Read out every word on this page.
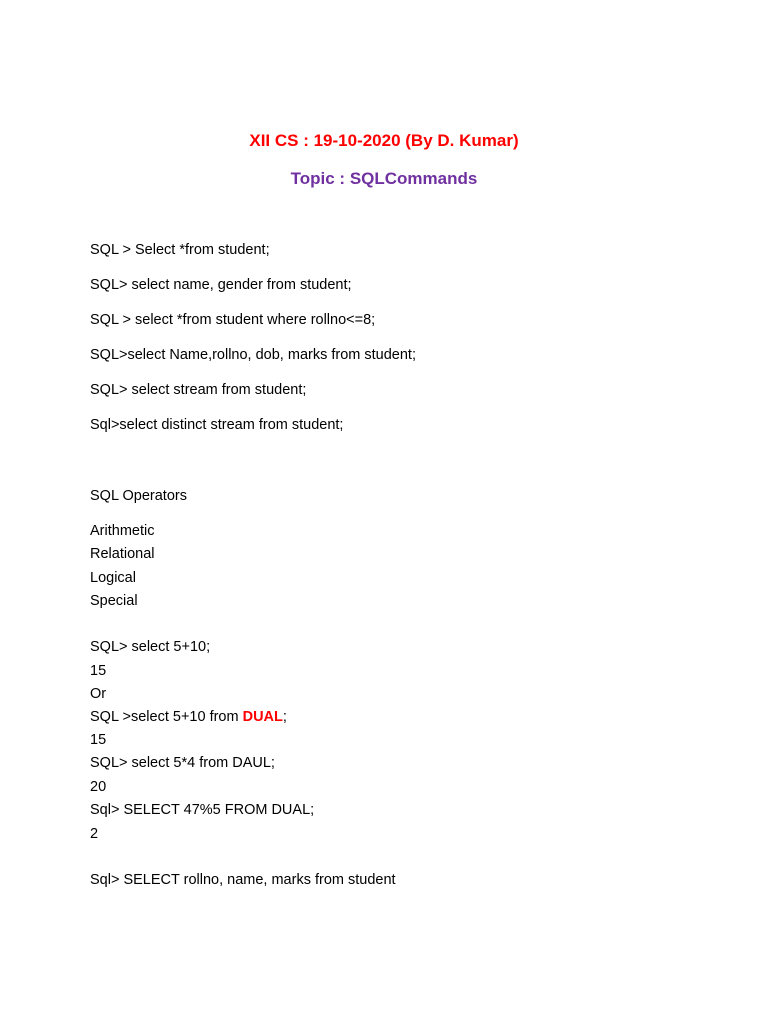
XII CS : 19-10-2020 (By D. Kumar)
Topic : SQLCommands
SQL > Select *from student;
SQL> select name, gender from student;
SQL > select *from student where rollno<=8;
SQL>select Name,rollno, dob, marks from student;
SQL> select stream from student;
Sql>select distinct stream from student;
SQL Operators
Arithmetic
Relational
Logical
Special
SQL> select 5+10;
15
Or
SQL >select 5+10 from DUAL;
15
SQL> select 5*4 from DAUL;
20
Sql> SELECT 47%5 FROM DUAL;
2
Sql> SELECT rollno, name, marks from student
